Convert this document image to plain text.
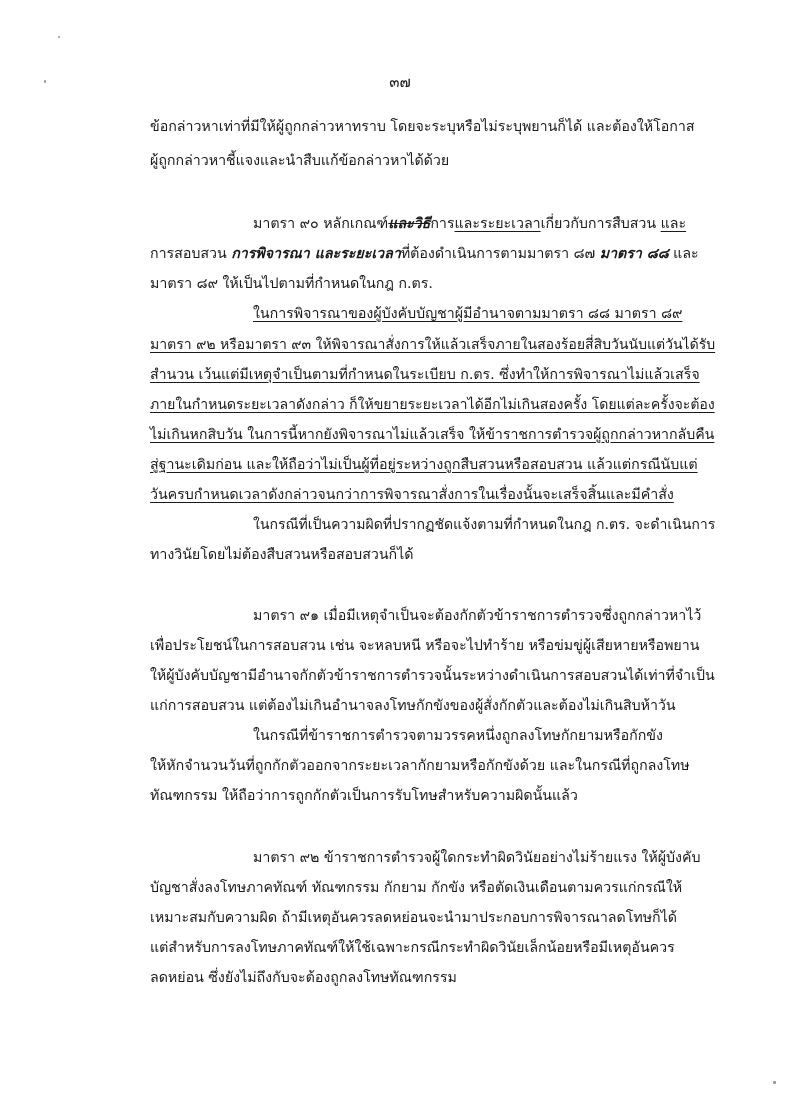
๓๗
ข้อกล่าวหาเท่าที่มีให้ผู้ถูกกล่าวหาทราบ โดยจะระบุหรือไม่ระบุพยานก็ได้ และต้องให้โอกาส
ผู้ถูกกล่าวหาชี้แจงและนำสืบแก้ข้อกล่าวหาได้ด้วย
มาตรา ๙๐ หลักเกณฑ์และวิธีการและระยะเวลาเกี่ยวกับการสืบสวน และ
การสอบสวน การพิจารณา และระยะเวลาที่ต้องดำเนินการตามมาตรา ๘๗ มาตรา ๘๘ และ
มาตรา ๘๙ ให้เป็นไปตามที่กำหนดในกฎ ก.ตร.
ในการพิจารณาของผู้บังคับบัญชาผู้มีอำนาจตามมาตรา ๘๘ มาตรา ๘๙
มาตรา ๙๒ หรือมาตรา ๙๓ ให้พิจารณาสั่งการให้แล้วเสร็จภายในสองร้อยสี่สิบวันนับแต่วันได้รับ
สำนวน เว้นแต่มีเหตุจำเป็นตามที่กำหนดในระเบียบ ก.ตร. ซึ่งทำให้การพิจารณาไม่แล้วเสร็จ
ภายในกำหนดระยะเวลาดังกล่าว ก็ให้ขยายระยะเวลาได้อีกไม่เกินสองครั้ง โดยแต่ละครั้งจะต้อง
ไม่เกินหกสิบวัน ในการนี้หากยังพิจารณาไม่แล้วเสร็จ ให้ข้าราชการตำรวจผู้ถูกกล่าวหากลับคืน
สู่ฐานะเดิมก่อน และให้ถือว่าไม่เป็นผู้ที่อยู่ระหว่างถูกสืบสวนหรือสอบสวน แล้วแต่กรณีนับแต่
วันครบกำหนดเวลาดังกล่าวจนกว่าการพิจารณาสั่งการในเรื่องนั้นจะเสร็จสิ้นและมีคำสั่ง
ในกรณีที่เป็นความผิดที่ปรากฏชัดแจ้งตามที่กำหนดในกฎ ก.ตร. จะดำเนินการ
ทางวินัยโดยไม่ต้องสืบสวนหรือสอบสวนก็ได้
มาตรา ๙๑ เมื่อมีเหตุจำเป็นจะต้องกักตัวข้าราชการตำรวจซึ่งถูกกล่าวหาไว้
เพื่อประโยชน์ในการสอบสวน เช่น จะหลบหนี หรือจะไปทำร้าย หรือข่มขู่ผู้เสียหายหรือพยาน
ให้ผู้บังคับบัญชามีอำนาจกักตัวข้าราชการตำรวจนั้นระหว่างดำเนินการสอบสวนได้เท่าที่จำเป็น
แก่การสอบสวน แต่ต้องไม่เกินอำนาจลงโทษกักขังของผู้สั่งกักตัวและต้องไม่เกินสิบห้าวัน
ในกรณีที่ข้าราชการตำรวจตามวรรคหนึ่งถูกลงโทษกักยามหรือกักขัง
ให้หักจำนวนวันที่ถูกกักตัวออกจากระยะเวลากักยามหรือกักขังด้วย และในกรณีที่ถูกลงโทษ
ทัณฑกรรม ให้ถือว่าการถูกกักตัวเป็นการรับโทษสำหรับความผิดนั้นแล้ว
มาตรา ๙๒ ข้าราชการตำรวจผู้ใดกระทำผิดวินัยอย่างไม่ร้ายแรง ให้ผู้บังคับ
บัญชาสั่งลงโทษภาคทัณฑ์ ทัณฑกรรม กักยาม กักขัง หรือตัดเงินเดือนตามควรแก่กรณีให้
เหมาะสมกับความผิด ถ้ามีเหตุอันควรลดหย่อนจะนำมาประกอบการพิจารณาลดโทษก็ได้
แต่สำหรับการลงโทษภาคทัณฑ์ให้ใช้เฉพาะกรณีกระทำผิดวินัยเล็กน้อยหรือมีเหตุอันควร
ลดหย่อน ซึ่งยังไม่ถึงกับจะต้องถูกลงโทษทัณฑกรรม
